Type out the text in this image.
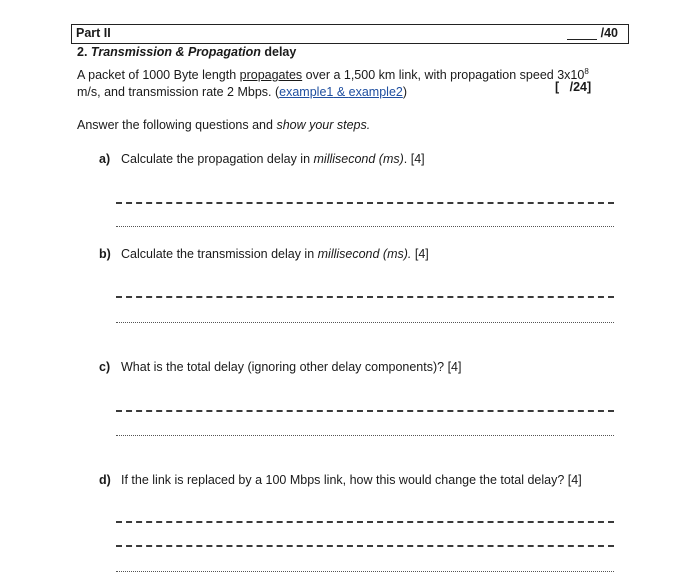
Part II	/40
2. Transmission & Propagation delay
A packet of 1000 Byte length propagates over a 1,500 km link, with propagation speed $3x10^8$
m/s, and transmission rate 2 Mbps. (example1 & example2)	[ /24]
Answer the following questions and show your steps.
a) Calculate the propagation delay in millisecond (ms). [4]
b) Calculate the transmission delay in millisecond (ms). [4]
c) What is the total delay (ignoring other delay components)? [4]
d) If the link is replaced by a 100 Mbps link, how this would change the total delay? [4]
